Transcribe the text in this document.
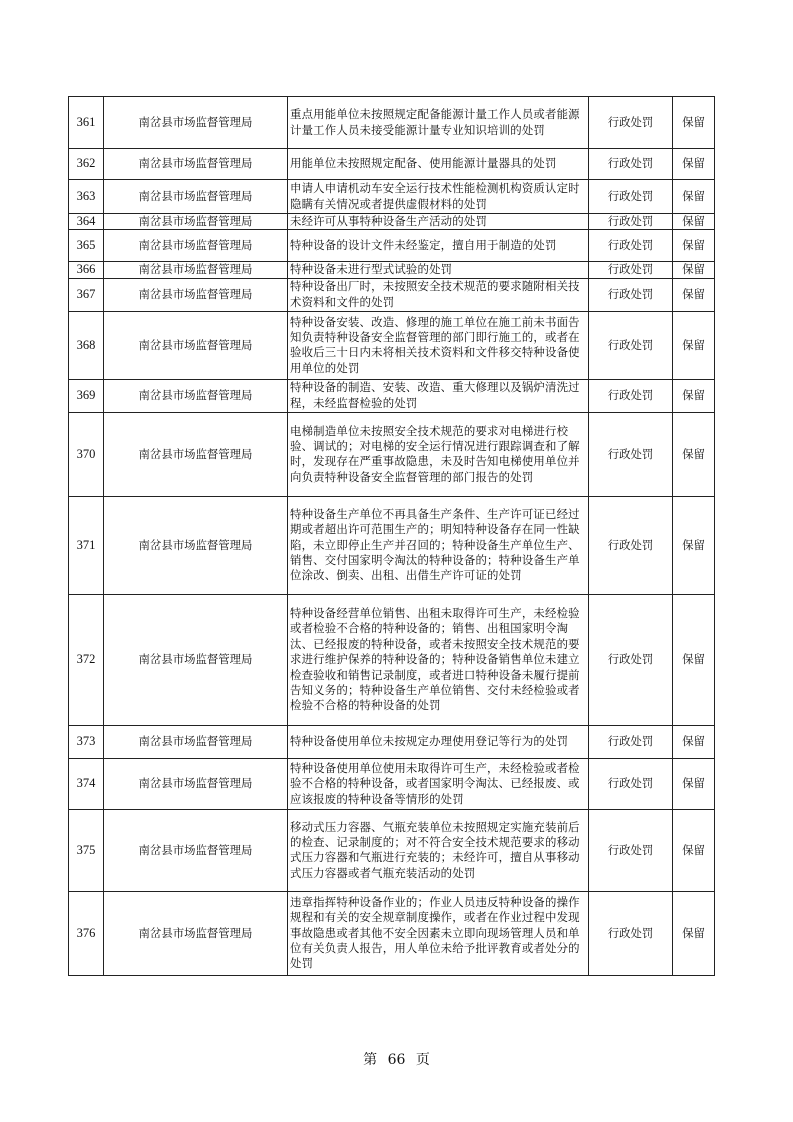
361	南岔县市场监督管理局	重点用能单位未按照规定配备能源计量工作人员或者能源计量工作人员未接受能源计量专业知识培训的处罚	行政处罚	保留
362	南岔县市场监督管理局	用能单位未按照规定配备、使用能源计量器具的处罚	行政处罚	保留
363	南岔县市场监督管理局	申请人申请机动车安全运行技术性能检测机构资质认定时隐瞒有关情况或者提供虚假材料的处罚	行政处罚	保留
364	南岔县市场监督管理局	未经许可从事特种设备生产活动的处罚	行政处罚	保留
365	南岔县市场监督管理局	特种设备的设计文件未经鉴定，擅自用于制造的处罚	行政处罚	保留
366	南岔县市场监督管理局	特种设备未进行型式试验的处罚	行政处罚	保留
367	南岔县市场监督管理局	特种设备出厂时，未按照安全技术规范的要求随附相关技术资料和文件的处罚	行政处罚	保留
368	南岔县市场监督管理局	特种设备安装、改造、修理的施工单位在施工前未书面告知负责特种设备安全监督管理的部门即行施工的，或者在验收后三十日内未将相关技术资料和文件移交特种设备使用单位的处罚	行政处罚	保留
369	南岔县市场监督管理局	特种设备的制造、安装、改造、重大修理以及锅炉清洗过程，未经监督检验的处罚	行政处罚	保留
370	南岔县市场监督管理局	电梯制造单位未按照安全技术规范的要求对电梯进行校验、调试的；对电梯的安全运行情况进行跟踪调查和了解时，发现存在严重事故隐患，未及时告知电梯使用单位并向负责特种设备安全监督管理的部门报告的处罚	行政处罚	保留
371	南岔县市场监督管理局	特种设备生产单位不再具备生产条件、生产许可证已经过期或者超出许可范围生产的；明知特种设备存在同一性缺陷，未立即停止生产并召回的；特种设备生产单位生产、销售、交付国家明令淘汰的特种设备的；特种设备生产单位涂改、倒卖、出租、出借生产许可证的处罚	行政处罚	保留
372	南岔县市场监督管理局	特种设备经营单位销售、出租未取得许可生产，未经检验或者检验不合格的特种设备的；销售、出租国家明令淘汰、已经报废的特种设备，或者未按照安全技术规范的要求进行维护保养的特种设备的；特种设备销售单位未建立检查验收和销售记录制度，或者进口特种设备未履行提前告知义务的；特种设备生产单位销售、交付未经检验或者检验不合格的特种设备的处罚	行政处罚	保留
373	南岔县市场监督管理局	特种设备使用单位未按规定办理使用登记等行为的处罚	行政处罚	保留
374	南岔县市场监督管理局	特种设备使用单位使用未取得许可生产，未经检验或者检验不合格的特种设备，或者国家明令淘汰、已经报废、或应该报废的特种设备等情形的处罚	行政处罚	保留
375	南岔县市场监督管理局	移动式压力容器、气瓶充装单位未按照规定实施充装前后的检查、记录制度的；对不符合安全技术规范要求的移动式压力容器和气瓶进行充装的；未经许可，擅自从事移动式压力容器或者气瓶充装活动的处罚	行政处罚	保留
376	南岔县市场监督管理局	违章指挥特种设备作业的；作业人员违反特种设备的操作规程和有关的安全规章制度操作，或者在作业过程中发现事故隐患或者其他不安全因素未立即向现场管理人员和单位有关负责人报告，用人单位未给予批评教育或者处分的处罚	行政处罚	保留
第 66 页
